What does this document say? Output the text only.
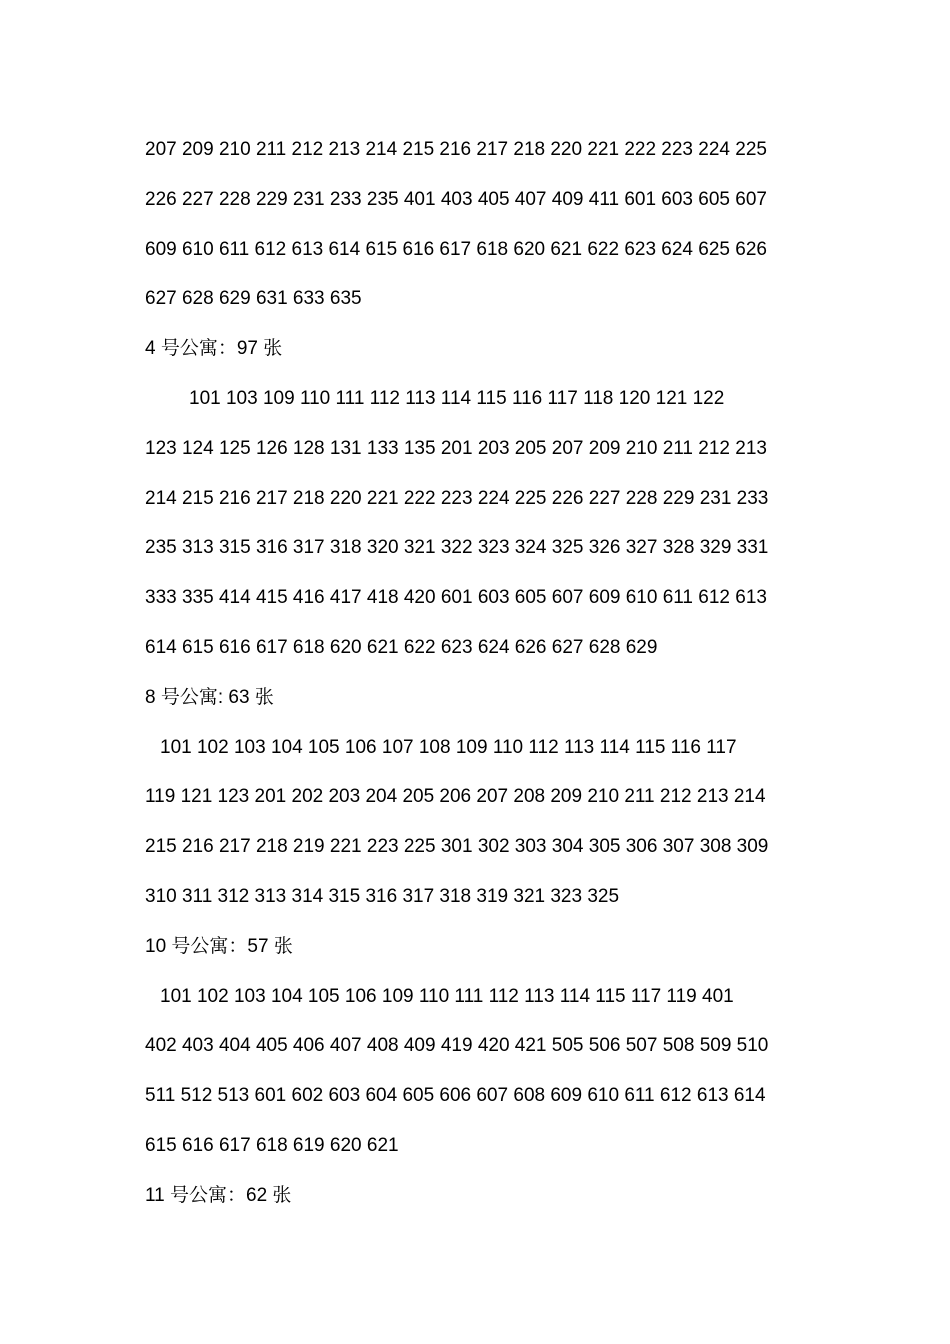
207 209 210 211 212 213 214 215 216 217 218 220 221 222 223 224 225
226 227 228 229 231 233 235 401 403 405 407 409 411 601 603 605 607
609 610 611 612 613 614 615 616 617 618 620 621 622 623 624 625 626
627 628 629 631 633 635
4 号公寓：97 张
101 103 109 110 111 112 113 114 115 116 117 118 120 121 122
123 124 125 126 128 131 133 135 201 203 205 207 209 210 211 212 213
214 215 216 217 218 220 221 222 223 224 225 226 227 228 229 231 233
235 313 315 316 317 318 320 321 322 323 324 325 326 327 328 329 331
333 335 414 415 416 417 418 420 601 603 605 607 609 610 611 612 613
614 615 616 617 618 620 621 622 623 624 626 627 628 629
8 号公寓: 63 张
101 102 103 104 105 106 107 108 109 110 112 113 114 115 116 117
119 121 123 201 202 203 204 205 206 207 208 209 210 211 212 213 214
215 216 217 218 219 221 223 225 301 302 303 304 305 306 307 308 309
310 311 312 313 314 315 316 317 318 319 321 323 325
10 号公寓：57 张
101 102 103 104 105 106 109 110 111 112 113 114 115 117 119 401
402 403 404 405 406 407 408 409 419 420 421 505 506 507 508 509 510
511 512 513 601 602 603 604 605 606 607 608 609 610 611 612 613 614
615 616 617 618 619 620 621
11 号公寓：62 张
